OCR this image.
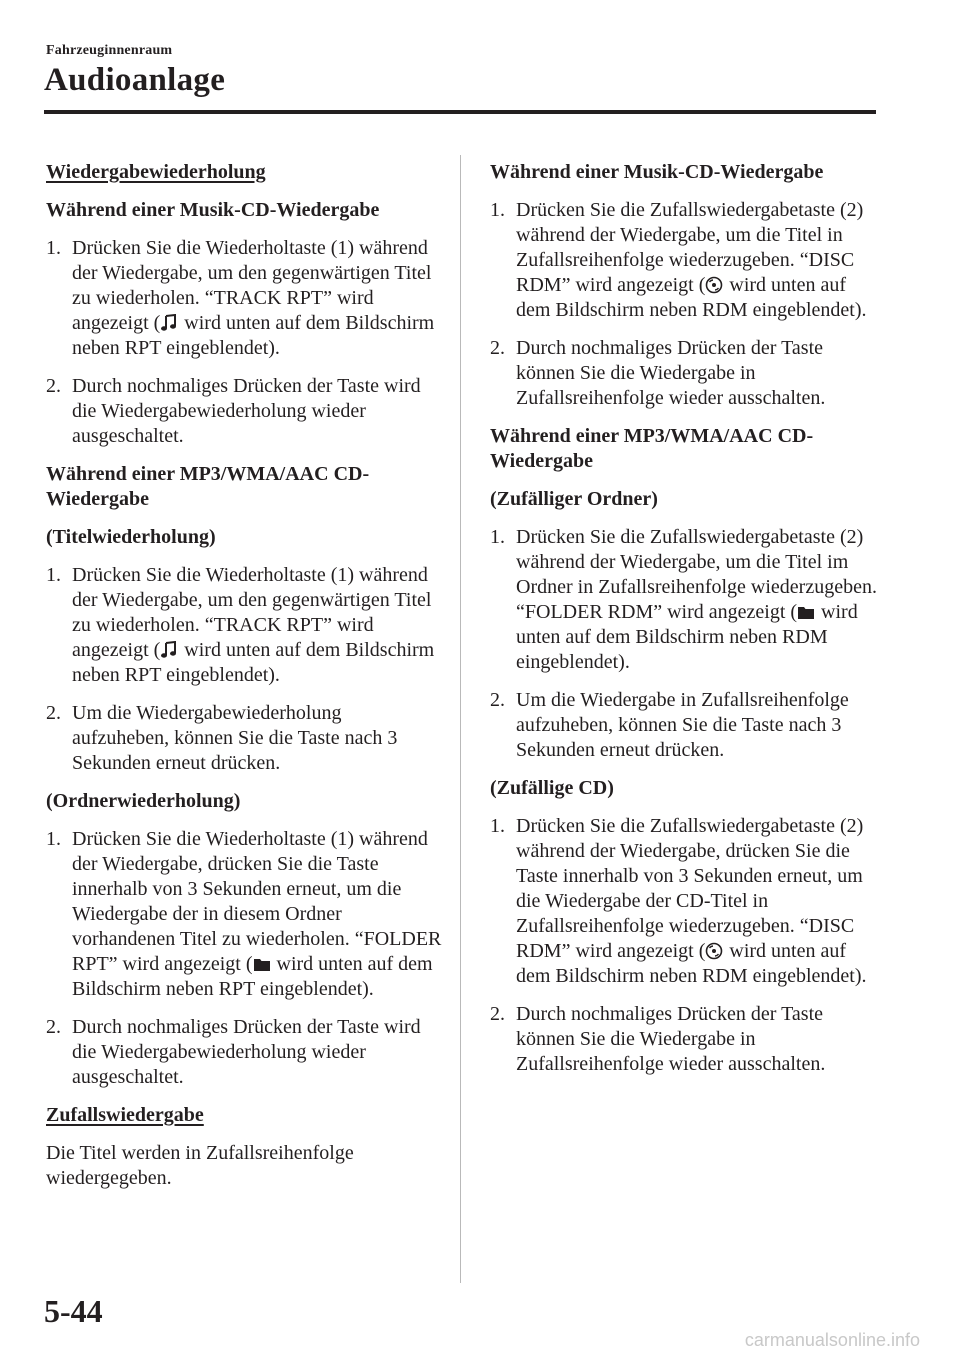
Fahrzeuginnenraum
Audioanlage
Wiedergabewiederholung
Während einer Musik-CD-Wiedergabe
1. Drücken Sie die Wiederholtaste (1) während der Wiedergabe, um den gegenwärtigen Titel zu wiederholen. “TRACK RPT” wird angezeigt ( wird unten auf dem Bildschirm neben RPT eingeblendet).
2. Durch nochmaliges Drücken der Taste wird die Wiedergabewiederholung wieder ausgeschaltet.
Während einer MP3/WMA/AAC CD-Wiedergabe
(Titelwiederholung)
1. Drücken Sie die Wiederholtaste (1) während der Wiedergabe, um den gegenwärtigen Titel zu wiederholen. “TRACK RPT” wird angezeigt ( wird unten auf dem Bildschirm neben RPT eingeblendet).
2. Um die Wiedergabewiederholung aufzuheben, können Sie die Taste nach 3 Sekunden erneut drücken.
(Ordnerwiederholung)
1. Drücken Sie die Wiederholtaste (1) während der Wiedergabe, drücken Sie die Taste innerhalb von 3 Sekunden erneut, um die Wiedergabe der in diesem Ordner vorhandenen Titel zu wiederholen. “FOLDER RPT” wird angezeigt ( wird unten auf dem Bildschirm neben RPT eingeblendet).
2. Durch nochmaliges Drücken der Taste wird die Wiedergabewiederholung wieder ausgeschaltet.
Zufallswiedergabe
Die Titel werden in Zufallsreihenfolge wiedergegeben.
Während einer Musik-CD-Wiedergabe
1. Drücken Sie die Zufallswiedergabetaste (2) während der Wiedergabe, um die Titel in Zufallsreihenfolge wiederzugeben. “DISC RDM” wird angezeigt ( wird unten auf dem Bildschirm neben RDM eingeblendet).
2. Durch nochmaliges Drücken der Taste können Sie die Wiedergabe in Zufallsreihenfolge wieder ausschalten.
Während einer MP3/WMA/AAC CD-Wiedergabe
(Zufälliger Ordner)
1. Drücken Sie die Zufallswiedergabetaste (2) während der Wiedergabe, um die Titel im Ordner in Zufallsreihenfolge wiederzugeben. “FOLDER RDM” wird angezeigt ( wird unten auf dem Bildschirm neben RDM eingeblendet).
2. Um die Wiedergabe in Zufallsreihenfolge aufzuheben, können Sie die Taste nach 3 Sekunden erneut drücken.
(Zufällige CD)
1. Drücken Sie die Zufallswiedergabetaste (2) während der Wiedergabe, drücken Sie die Taste innerhalb von 3 Sekunden erneut, um die Wiedergabe der CD-Titel in Zufallsreihenfolge wiederzugeben. “DISC RDM” wird angezeigt ( wird unten auf dem Bildschirm neben RDM eingeblendet).
2. Durch nochmaliges Drücken der Taste können Sie die Wiedergabe in Zufallsreihenfolge wieder ausschalten.
5-44
carmanualsonline.info
